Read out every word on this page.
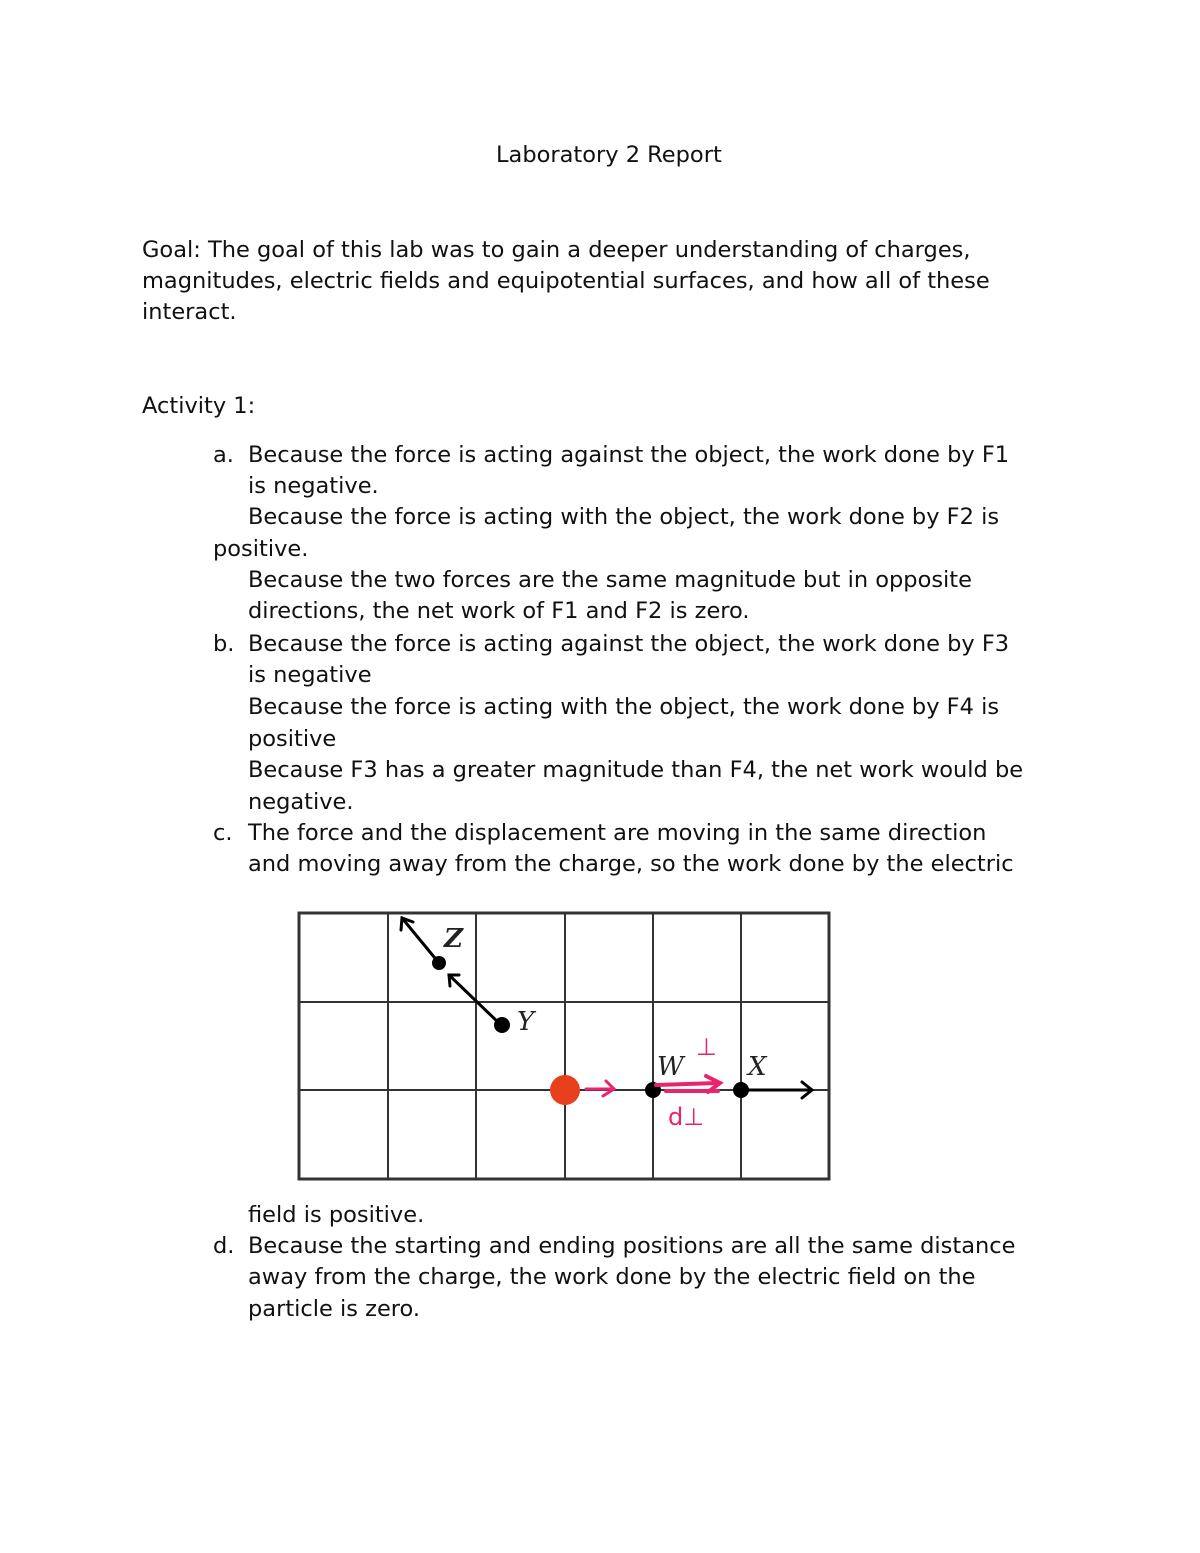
Laboratory 2 Report
Goal: The goal of this lab was to gain a deeper understanding of charges,
magnitudes, electric fields and equipotential surfaces, and how all of these
interact.
Activity 1:
a. Because the force is acting against the object, the work done by F1
is negative.
Because the force is acting with the object, the work done by F2 is
positive.
Because the two forces are the same magnitude but in opposite
directions, the net work of F1 and F2 is zero.
b. Because the force is acting against the object, the work done by F3
is negative
Because the force is acting with the object, the work done by F4 is
positive
Because F3 has a greater magnitude than F4, the net work would be
negative.
c. The force and the displacement are moving in the same direction
and moving away from the charge, so the work done by the electric
Z
Y
W
⊥
d⊥
X
field is positive.
d. Because the starting and ending positions are all the same distance
away from the charge, the work done by the electric field on the
particle is zero.
